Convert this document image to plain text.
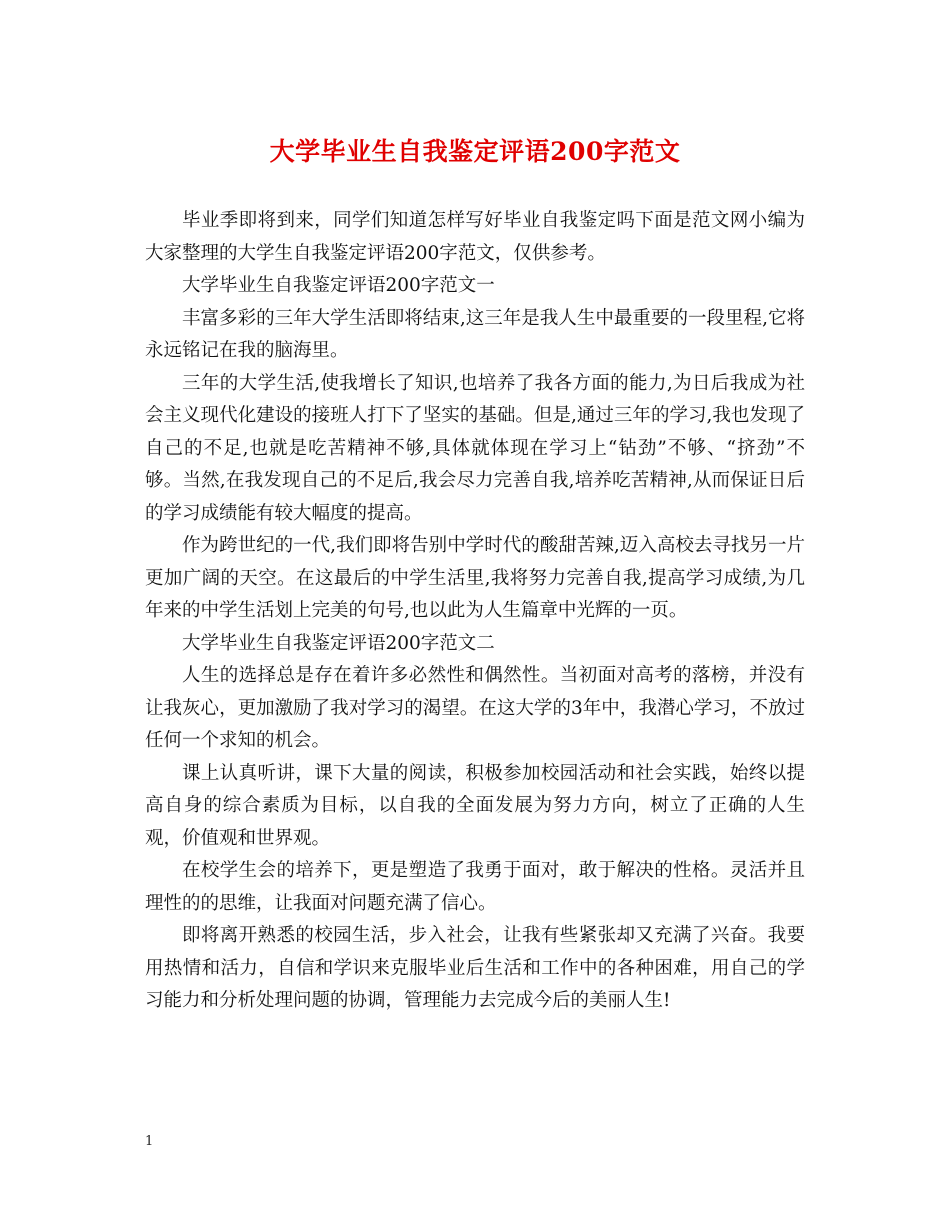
大学毕业生自我鉴定评语200字范文

毕业季即将到来，同学们知道怎样写好毕业自我鉴定吗下面是范文网小编为大家整理的大学生自我鉴定评语200字范文，仅供参考。

大学毕业生自我鉴定评语200字范文一

丰富多彩的三年大学生活即将结束,这三年是我人生中最重要的一段里程,它将永远铭记在我的脑海里。

三年的大学生活,使我增长了知识,也培养了我各方面的能力,为日后我成为社会主义现代化建设的接班人打下了坚实的基础。但是,通过三年的学习,我也发现了自己的不足,也就是吃苦精神不够,具体就体现在学习上“钻劲”不够、“挤劲”不够。当然,在我发现自己的不足后,我会尽力完善自我,培养吃苦精神,从而保证日后的学习成绩能有较大幅度的提高。

作为跨世纪的一代,我们即将告别中学时代的酸甜苦辣,迈入高校去寻找另一片更加广阔的天空。在这最后的中学生活里,我将努力完善自我,提高学习成绩,为几年来的中学生活划上完美的句号,也以此为人生篇章中光辉的一页。

大学毕业生自我鉴定评语200字范文二

人生的选择总是存在着许多必然性和偶然性。当初面对高考的落榜，并没有让我灰心，更加激励了我对学习的渴望。在这大学的3年中，我潜心学习，不放过任何一个求知的机会。

课上认真听讲，课下大量的阅读，积极参加校园活动和社会实践，始终以提高自身的综合素质为目标，以自我的全面发展为努力方向，树立了正确的人生观，价值观和世界观。

在校学生会的培养下，更是塑造了我勇于面对，敢于解决的性格。灵活并且理性的的思维，让我面对问题充满了信心。

即将离开熟悉的校园生活，步入社会，让我有些紧张却又充满了兴奋。我要用热情和活力，自信和学识来克服毕业后生活和工作中的各种困难，用自己的学习能力和分析处理问题的协调，管理能力去完成今后的美丽人生!

1
